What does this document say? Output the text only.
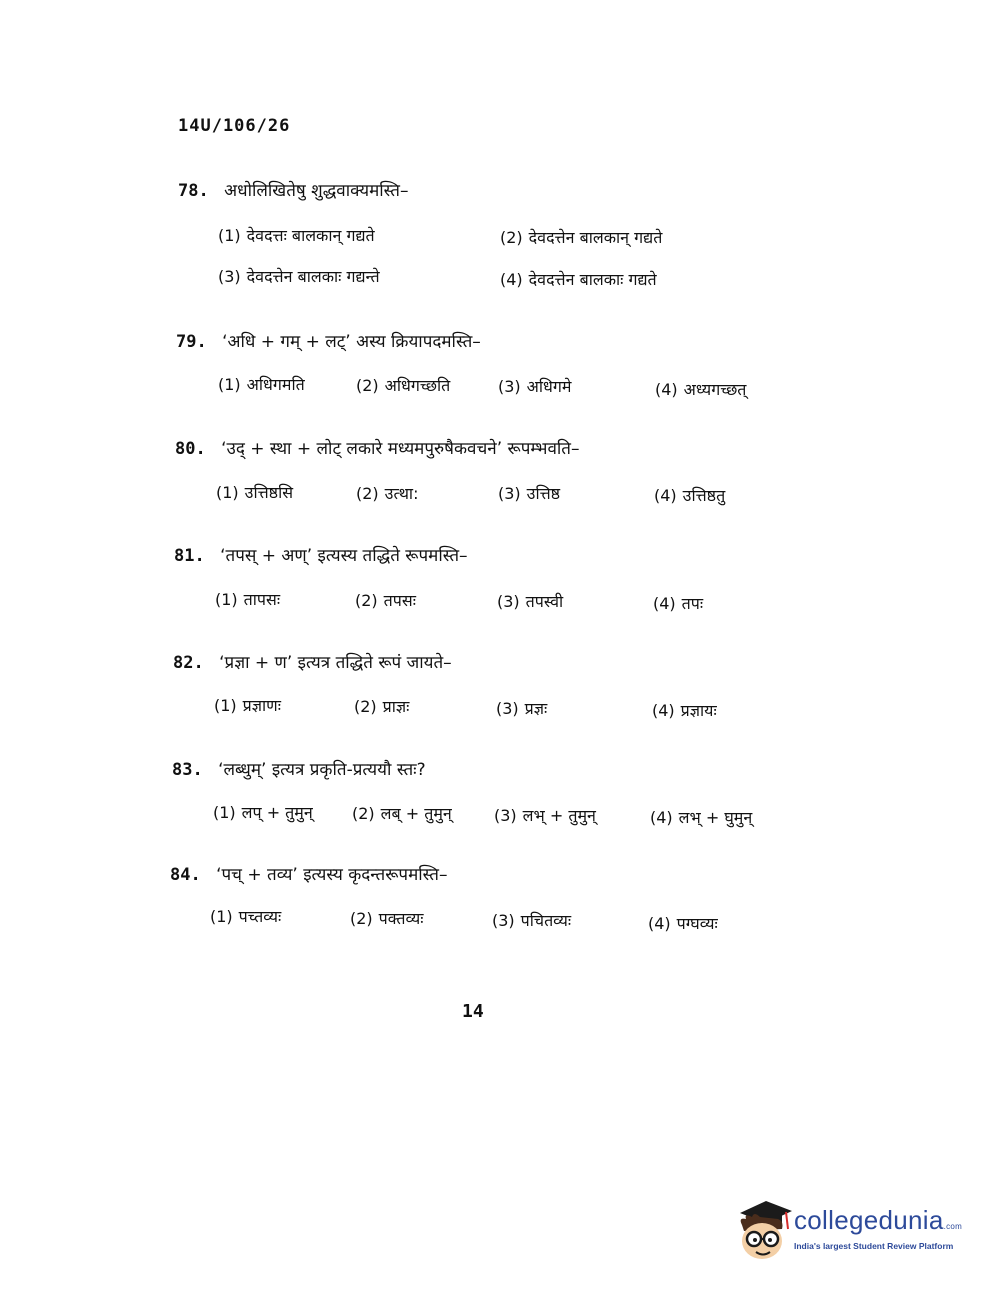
14U/106/26
78. अधोलिखितेषु शुद्धवाक्यमस्ति–
(1) देवदत्तः बालकान् गद्यते	(2) देवदत्तेन बालकान् गद्यते
(3) देवदत्तेन बालकाः गद्यन्ते	(4) देवदत्तेन बालकाः गद्यते
79. ‘अधि + गम् + लट्’ अस्य क्रियापदमस्ति–
(1) अधिगमति	(2) अधिगच्छति	(3) अधिगमे	(4) अध्यगच्छत्
80. ‘उद् + स्था + लोट् लकारे मध्यमपुरुषैकवचने’ रूपम्भवति–
(1) उत्तिष्ठसि	(2) उत्था:	(3) उत्तिष्ठ	(4) उत्तिष्ठतु
81. ‘तपस् + अण्’ इत्यस्य तद्धिते रूपमस्ति–
(1) तापसः	(2) तपसः	(3) तपस्वी	(4) तपः
82. ‘प्रज्ञा + ण’ इत्यत्र तद्धिते रूपं जायते–
(1) प्रज्ञाणः	(2) प्राज्ञः	(3) प्रज्ञः	(4) प्रज्ञायः
83. ‘लब्धुम्’ इत्यत्र प्रकृति-प्रत्ययौ स्तः?
(1) लप् + तुमुन् (2) लब् + तुमुन्	(3) लभ् + तुमुन्	(4) लभ् + घुमुन्
84. ‘पच् + तव्य’ इत्यस्य कृदन्तरूपमस्ति–
(1) पच्तव्यः	(2) पक्तव्यः	(3) पचितव्यः	(4) पग्घव्यः
14
collegedunia.com
India's largest Student Review Platform
